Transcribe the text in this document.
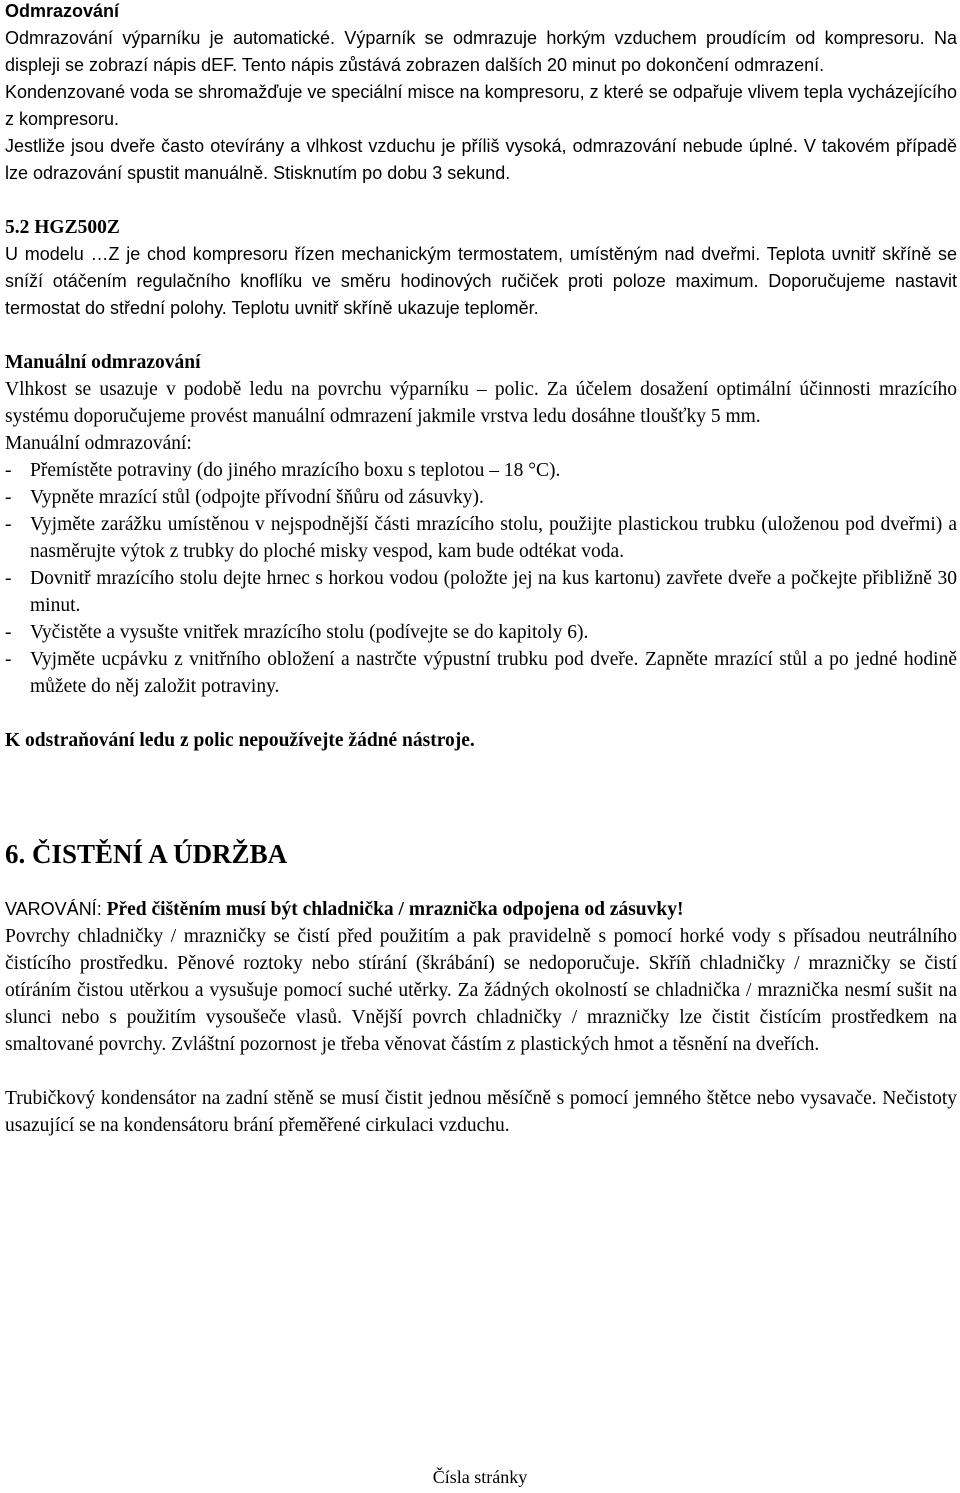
Odmrazování

Odmrazování výparníku je automatické. Výparník se odmrazuje horkým vzduchem proudícím od kompresoru. Na displeji se zobrazí nápis dEF. Tento nápis zůstává zobrazen dalších 20 minut po dokončení odmrazení.

Kondenzované voda se shromažďuje ve speciální misce na kompresoru, z které se odpařuje vlivem tepla vycházejícího z kompresoru.

Jestliže jsou dveře často otevírány a vlhkost vzduchu je příliš vysoká, odmrazování nebude úplné. V takovém případě lze odrazování spustit manuálně. Stisknutím po dobu 3 sekund.

5.2 HGZ500Z

U modelu …Z je chod kompresoru řízen mechanickým termostatem, umístěným nad dveřmi. Teplota uvnitř skříně se sníží otáčením regulačního knoflíku ve směru hodinových ručiček proti poloze maximum. Doporučujeme nastavit termostat do střední polohy. Teplotu uvnitř skříně ukazuje teploměr.

Manuální odmrazování

Vlhkost se usazuje v podobě ledu na povrchu výparníku – polic. Za účelem dosažení optimální účinnosti mrazícího systému doporučujeme provést manuální odmrazení jakmile vrstva ledu dosáhne tloušťky 5 mm.

Manuální odmrazování:

- Přemístěte potraviny (do jiného mrazícího boxu s teplotou – 18 °C).
- Vypněte mrazící stůl (odpojte přívodní šňůru od zásuvky).
- Vyjměte zarážku umístěnou v nejspodnější části mrazícího stolu, použijte plastickou trubku (uloženou pod dveřmi) a nasměrujte výtok z trubky do ploché misky vespod, kam bude odtékat voda.
- Dovnitř mrazícího stolu dejte hrnec s horkou vodou (položte jej na kus kartonu) zavřete dveře a počkejte přibližně 30 minut.
- Vyčistěte a vysušte vnitřek mrazícího stolu (podívejte se do kapitoly 6).
- Vyjměte ucpávku z vnitřního obložení a nastrčte výpustní trubku pod dveře. Zapněte mrazící stůl a po jedné hodině můžete do něj založit potraviny.

K odstraňování ledu z polic nepoužívejte žádné nástroje.

6. ČISTĚNÍ A ÚDRŽBA

VAROVÁNÍ: Před čištěním musí být chladnička / mraznička odpojena od zásuvky!

Povrchy chladničky / mrazničky se čistí před použitím a pak pravidelně s pomocí horké vody s přísadou neutrálního čistícího prostředku. Pěnové roztoky nebo stírání (škrábání) se nedoporučuje. Skříň chladničky / mrazničky se čistí otíráním čistou utěrkou a vysušuje pomocí suché utěrky. Za žádných okolností se chladnička / mraznička nesmí sušit na slunci nebo s použitím vysoušeče vlasů. Vnější povrch chladničky / mrazničky lze čistit čistícím prostředkem na smaltované povrchy. Zvláštní pozornost je třeba věnovat částím z plastických hmot a těsnění na dveřích.

Trubičkový kondensátor na zadní stěně se musí čistit jednou měsíčně s pomocí jemného štětce nebo vysavače. Nečistoty usazující se na kondensátoru brání přeměřené cirkulaci vzduchu.

Čísla stránky
